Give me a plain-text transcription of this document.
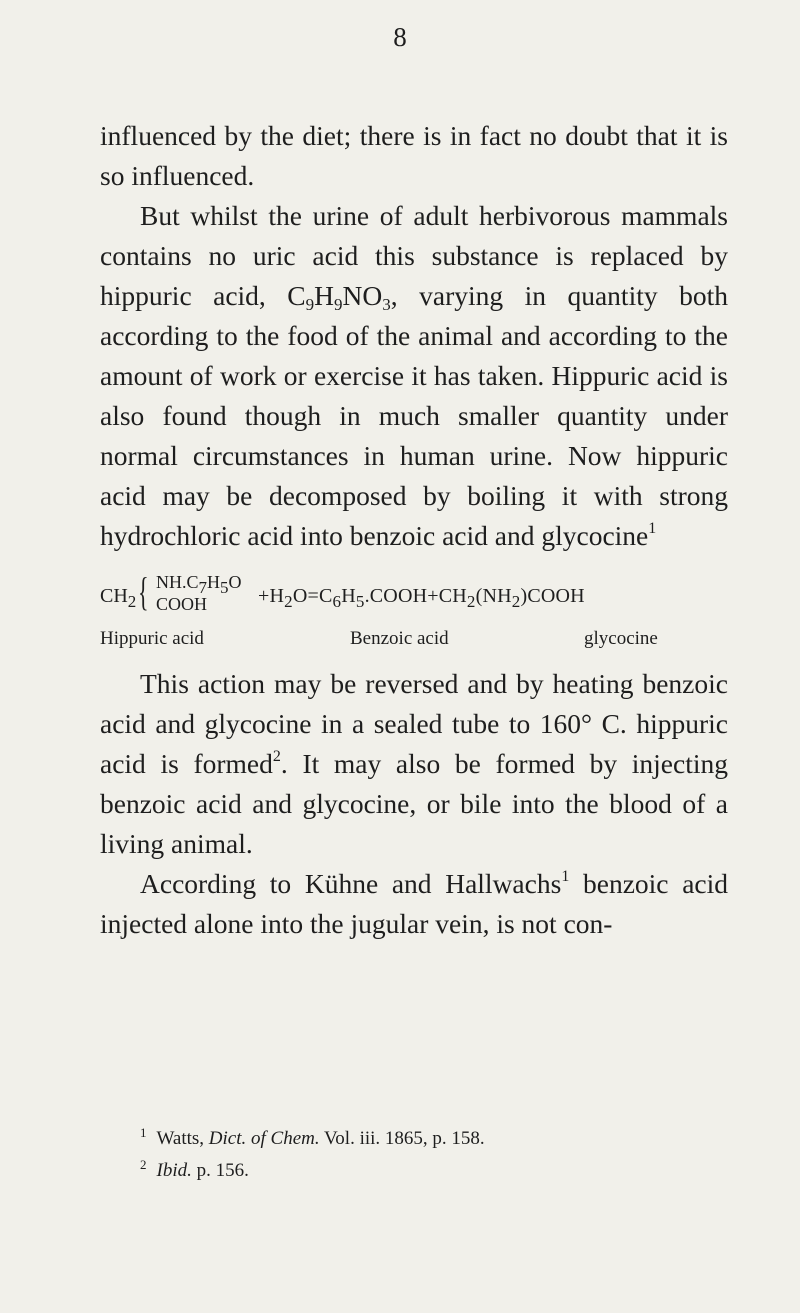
8

influenced by the diet; there is in fact no doubt that it is so influenced.

But whilst the urine of adult herbivorous mammals contains no uric acid this substance is replaced by hippuric acid, $C_9H_9NO_3$, varying in quantity both according to the food of the animal and according to the amount of work or exercise it has taken. Hippuric acid is also found though in much smaller quantity under normal circumstances in human urine. Now hippuric acid may be decomposed by boiling it with strong hydrochloric acid into benzoic acid and glycocine$^1$

$CH_2$ { $NH.C_7H_5O$
COOH	$+H_2O=C_6H_5.COOH+CH_2(NH_2)COOH$
Hippuric acid	Benzoic acid	glycocine

This action may be reversed and by heating benzoic acid and glycocine in a sealed tube to 160° C. hippuric acid is formed$^2$. It may also be formed by injecting benzoic acid and glycocine, or bile into the blood of a living animal.

According to Kühne and Hallwachs$^1$ benzoic acid injected alone into the jugular vein, is not con-

$^1$ Watts, Dict. of Chem. Vol. iii. 1865, p. 158.

$^2$ Ibid. p. 156.
